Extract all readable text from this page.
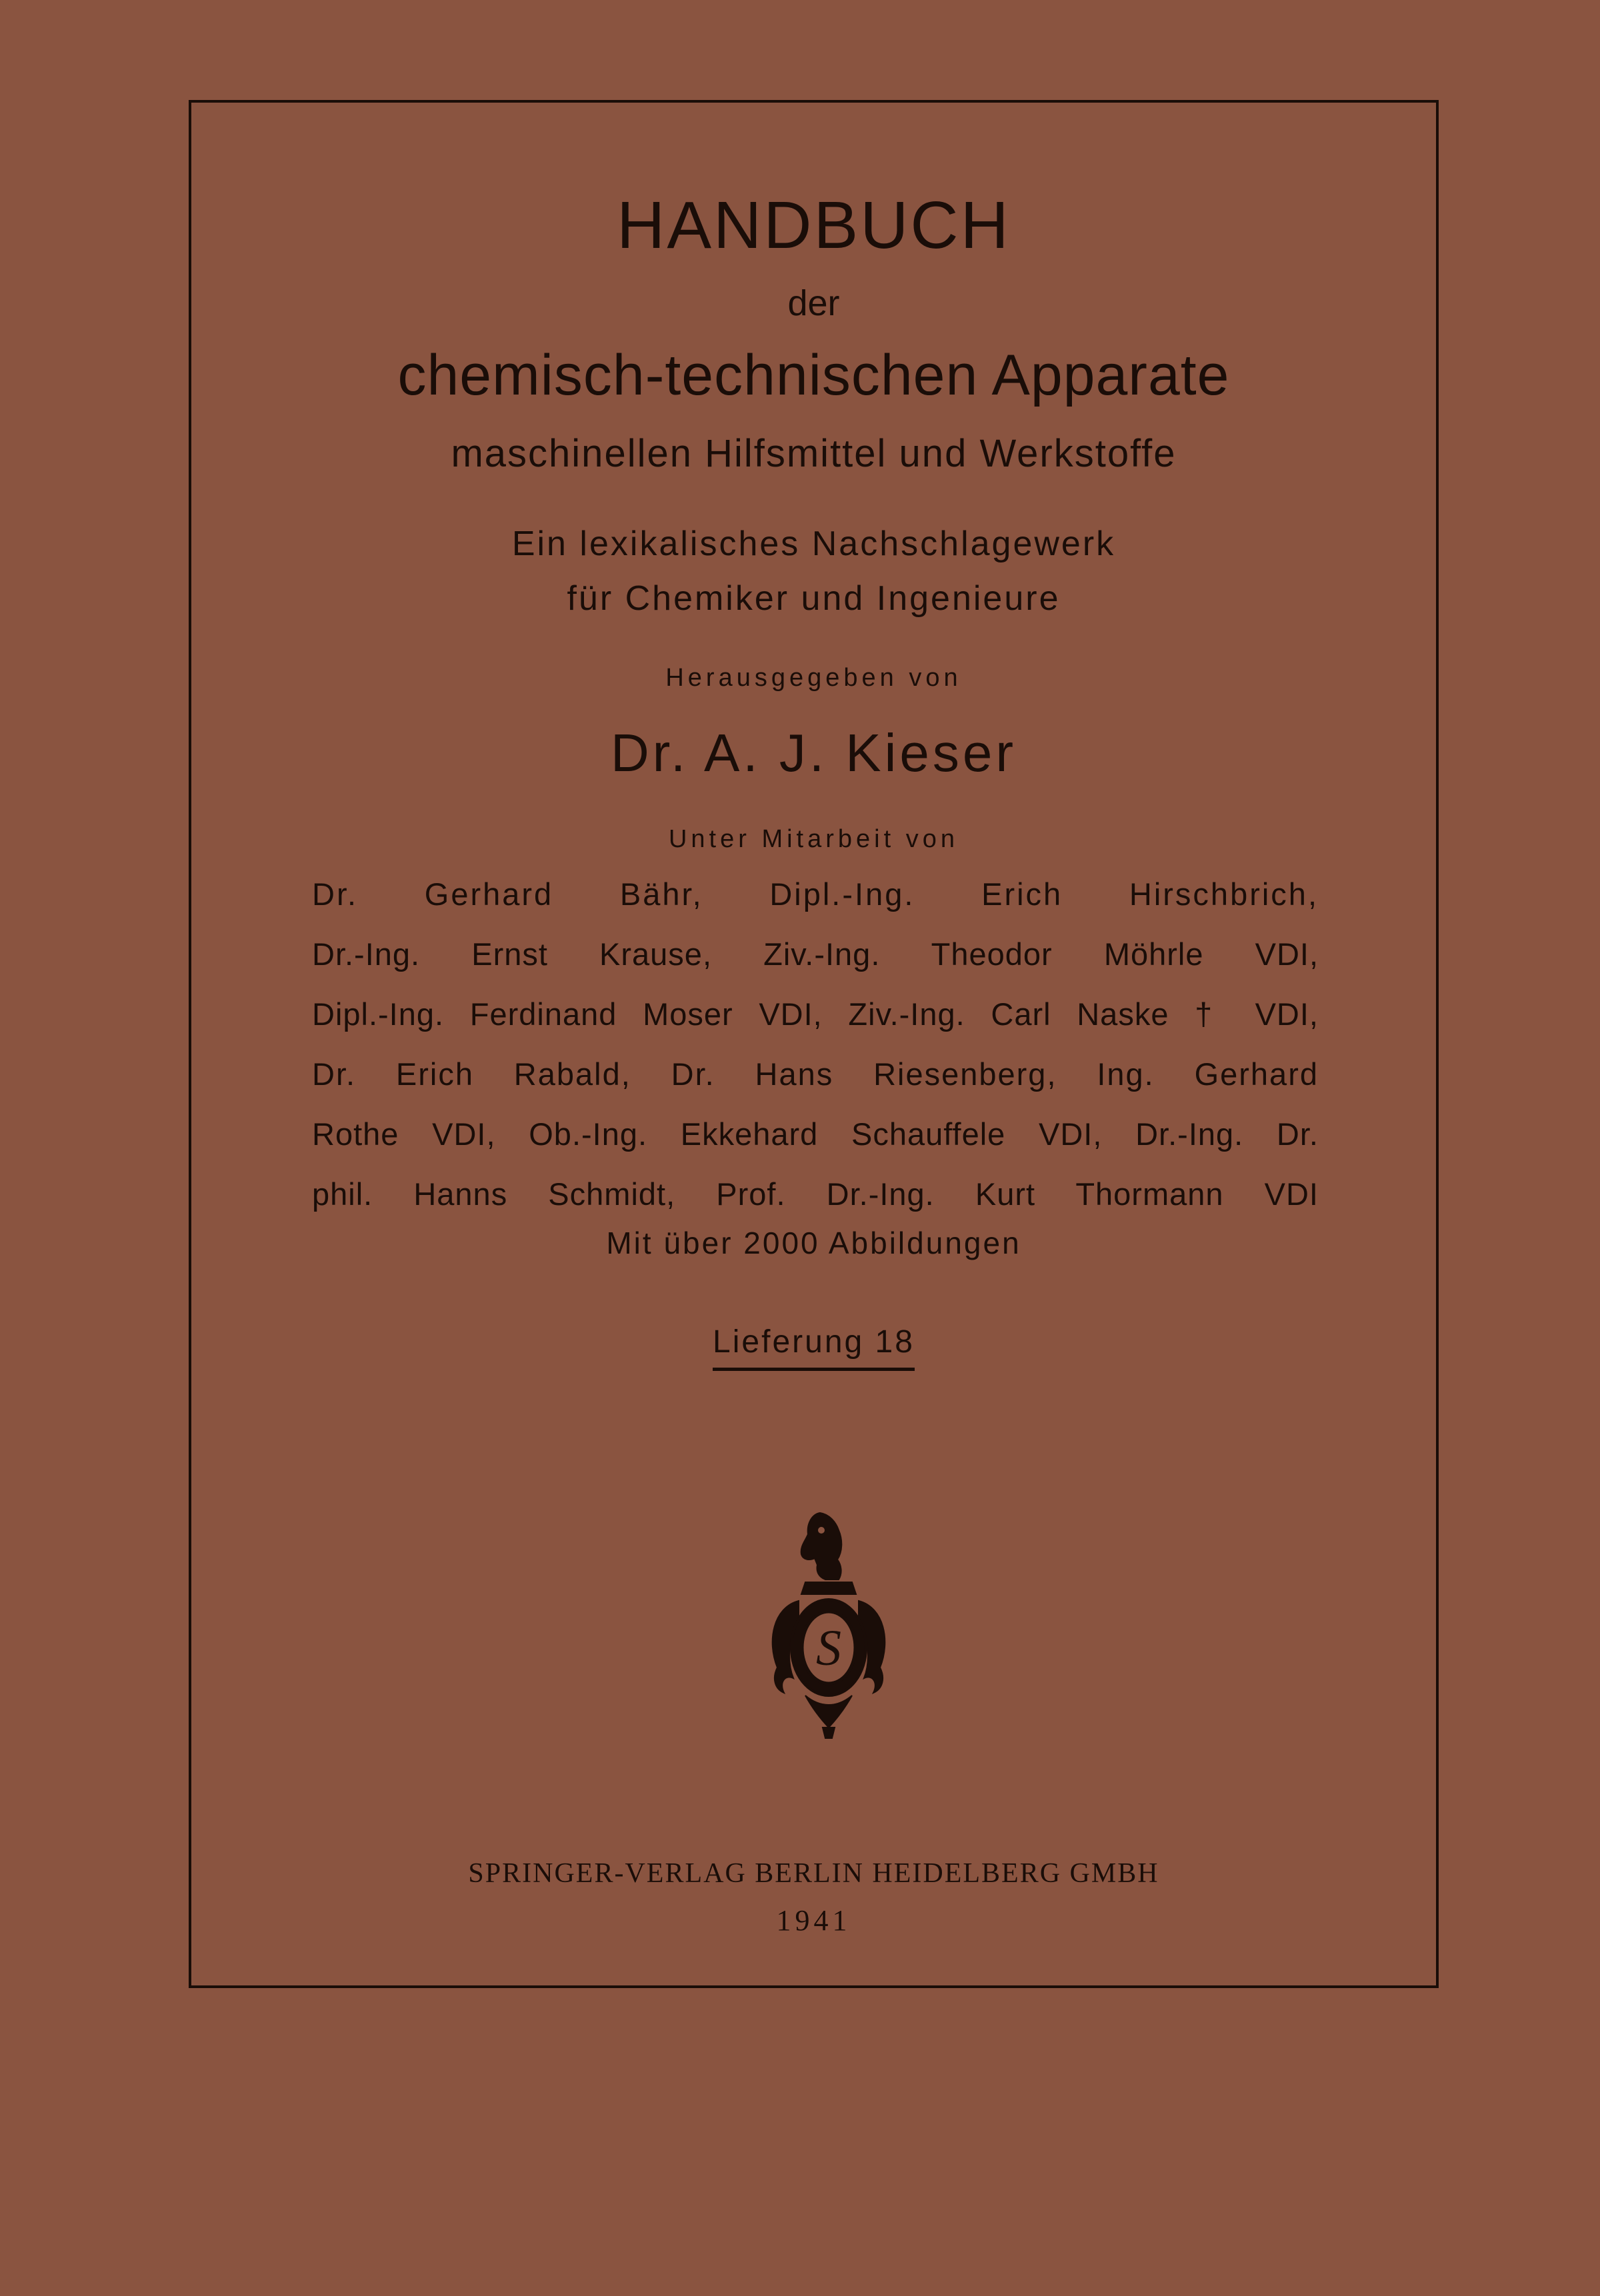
HANDBUCH
der
chemisch-technischen Apparate
maschinellen Hilfsmittel und Werkstoffe
Ein lexikalisches Nachschlagewerk
für Chemiker und Ingenieure
Herausgegeben von
Dr. A. J. Kieser
Unter Mitarbeit von
Dr. Gerhard Bähr, Dipl.-Ing. Erich Hirschbrich,
Dr.-Ing. Ernst Krause, Ziv.-Ing. Theodor Möhrle VDI,
Dipl.-Ing. Ferdinand Moser VDI, Ziv.-Ing. Carl Naske † VDI,
Dr. Erich Rabald, Dr. Hans Riesenberg, Ing. Gerhard
Rothe VDI, Ob.-Ing. Ekkehard Schauffele VDI, Dr.-Ing. Dr.
phil. Hanns Schmidt, Prof. Dr.-Ing. Kurt Thormann VDI
Mit über 2000 Abbildungen
Lieferung 18
S
SPRINGER-VERLAG BERLIN HEIDELBERG GMBH
1941
